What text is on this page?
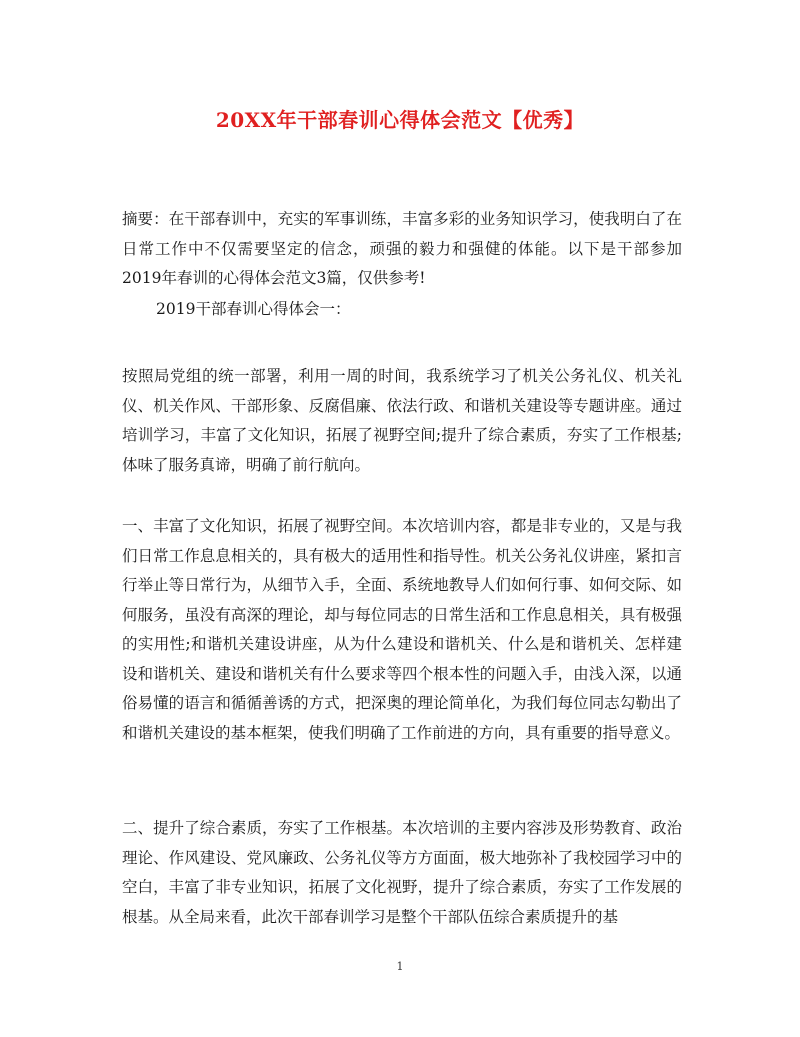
20XX年干部春训心得体会范文【优秀】
摘要：在干部春训中，充实的军事训练，丰富多彩的业务知识学习，使我明白了在日常工作中不仅需要坚定的信念，顽强的毅力和强健的体能。以下是干部参加2019年春训的心得体会范文3篇，仅供参考!
2019干部春训心得体会一：
按照局党组的统一部署，利用一周的时间，我系统学习了机关公务礼仪、机关礼仪、机关作风、干部形象、反腐倡廉、依法行政、和谐机关建设等专题讲座。通过培训学习，丰富了文化知识，拓展了视野空间;提升了综合素质，夯实了工作根基;体味了服务真谛，明确了前行航向。
一、丰富了文化知识，拓展了视野空间。本次培训内容，都是非专业的，又是与我们日常工作息息相关的，具有极大的适用性和指导性。机关公务礼仪讲座，紧扣言行举止等日常行为，从细节入手，全面、系统地教导人们如何行事、如何交际、如何服务，虽没有高深的理论，却与每位同志的日常生活和工作息息相关，具有极强的实用性;和谐机关建设讲座，从为什么建设和谐机关、什么是和谐机关、怎样建设和谐机关、建设和谐机关有什么要求等四个根本性的问题入手，由浅入深，以通俗易懂的语言和循循善诱的方式，把深奥的理论简单化，为我们每位同志勾勒出了和谐机关建设的基本框架，使我们明确了工作前进的方向，具有重要的指导意义。
二、提升了综合素质，夯实了工作根基。本次培训的主要内容涉及形势教育、政治理论、作风建设、党风廉政、公务礼仪等方方面面，极大地弥补了我校园学习中的空白，丰富了非专业知识，拓展了文化视野，提升了综合素质，夯实了工作发展的根基。从全局来看，此次干部春训学习是整个干部队伍综合素质提升的基
1
